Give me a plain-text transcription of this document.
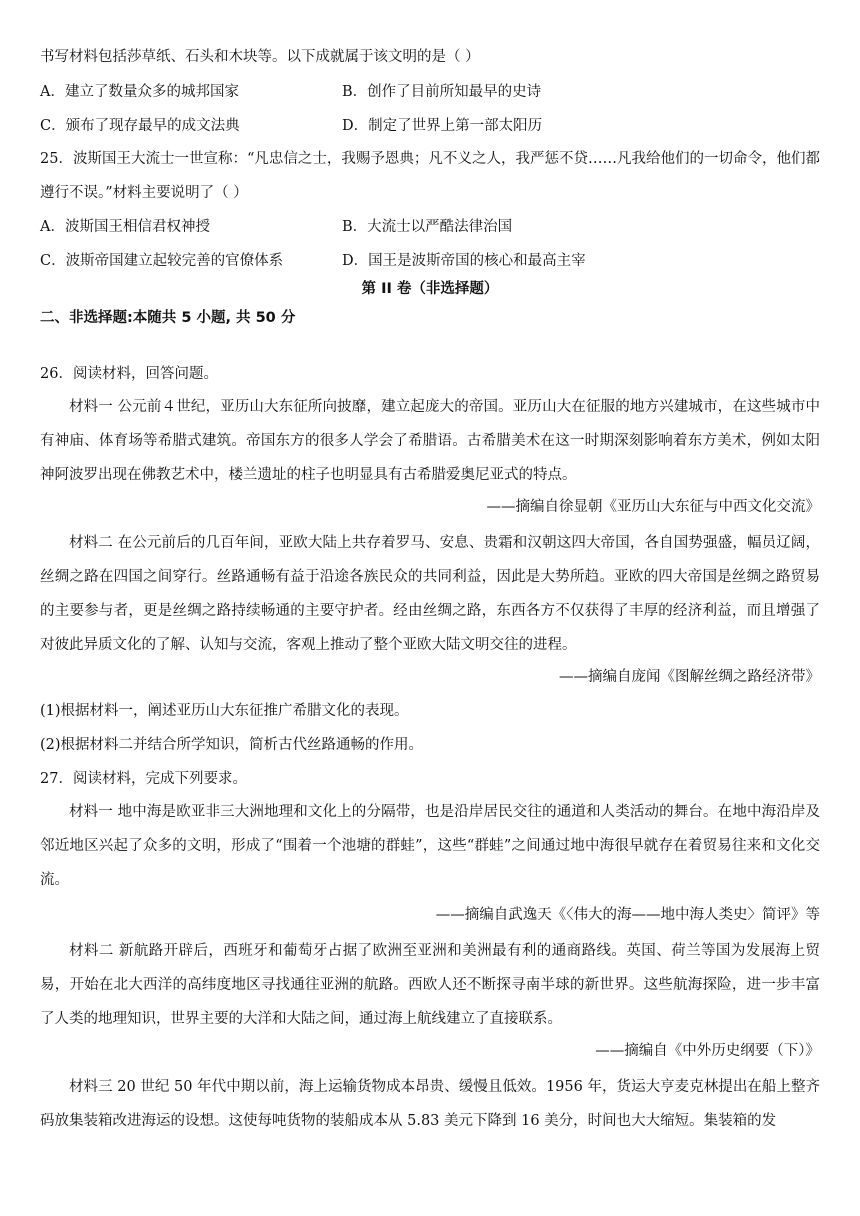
书写材料包括莎草纸、石头和木块等。以下成就属于该文明的是（ ）
A．建立了数量众多的城邦国家	B．创作了目前所知最早的史诗
C．颁布了现存最早的成文法典	D．制定了世界上第一部太阳历
25．波斯国王大流士一世宣称：“凡忠信之士，我赐予恩典；凡不义之人，我严惩不贷……凡我给他们的一切命令，他们都遵行不误。”材料主要说明了（ ）
A．波斯国王相信君权神授	B．大流士以严酷法律治国
C．波斯帝国建立起较完善的官僚体系	D．国王是波斯帝国的核心和最高主宰
第 II 卷（非选择题）
二、非选择题:本随共 5 小题, 共 50 分
26．阅读材料，回答问题。
材料一 公元前４世纪，亚历山大东征所向披靡，建立起庞大的帝国。亚历山大在征服的地方兴建城市，在这些城市中有神庙、体育场等希腊式建筑。帝国东方的很多人学会了希腊语。古希腊美术在这一时期深刻影响着东方美术，例如太阳神阿波罗出现在佛教艺术中，楼兰遗址的柱子也明显具有古希腊爱奥尼亚式的特点。
——摘编自徐显朝《亚历山大东征与中西文化交流》
材料二 在公元前后的几百年间，亚欧大陆上共存着罗马、安息、贵霜和汉朝这四大帝国，各自国势强盛，幅员辽阔，丝绸之路在四国之间穿行。丝路通畅有益于沿途各族民众的共同利益，因此是大势所趋。亚欧的四大帝国是丝绸之路贸易的主要参与者，更是丝绸之路持续畅通的主要守护者。经由丝绸之路，东西各方不仅获得了丰厚的经济利益，而且增强了对彼此异质文化的了解、认知与交流，客观上推动了整个亚欧大陆文明交往的进程。
——摘编自庞闻《图解丝绸之路经济带》
(1)根据材料一，阐述亚历山大东征推广希腊文化的表现。
(2)根据材料二并结合所学知识，简析古代丝路通畅的作用。
27．阅读材料，完成下列要求。
材料一 地中海是欧亚非三大洲地理和文化上的分隔带，也是沿岸居民交往的通道和人类活动的舞台。在地中海沿岸及邻近地区兴起了众多的文明，形成了“围着一个池塘的群蛙”，这些“群蛙”之间通过地中海很早就存在着贸易往来和文化交流。
——摘编自武逸天《〈伟大的海——地中海人类史〉简评》等
材料二 新航路开辟后，西班牙和葡萄牙占据了欧洲至亚洲和美洲最有利的通商路线。英国、荷兰等国为发展海上贸易，开始在北大西洋的高纬度地区寻找通往亚洲的航路。西欧人还不断探寻南半球的新世界。这些航海探险，进一步丰富了人类的地理知识，世界主要的大洋和大陆之间，通过海上航线建立了直接联系。
——摘编自《中外历史纲要（下）》
材料三 20 世纪 50 年代中期以前，海上运输货物成本昂贵、缓慢且低效。1956 年，货运大亨麦克林提出在船上整齐码放集装箱改进海运的设想。这使每吨货物的装船成本从 5.83 美元下降到 16 美分，时间也大大缩短。集装箱的发
